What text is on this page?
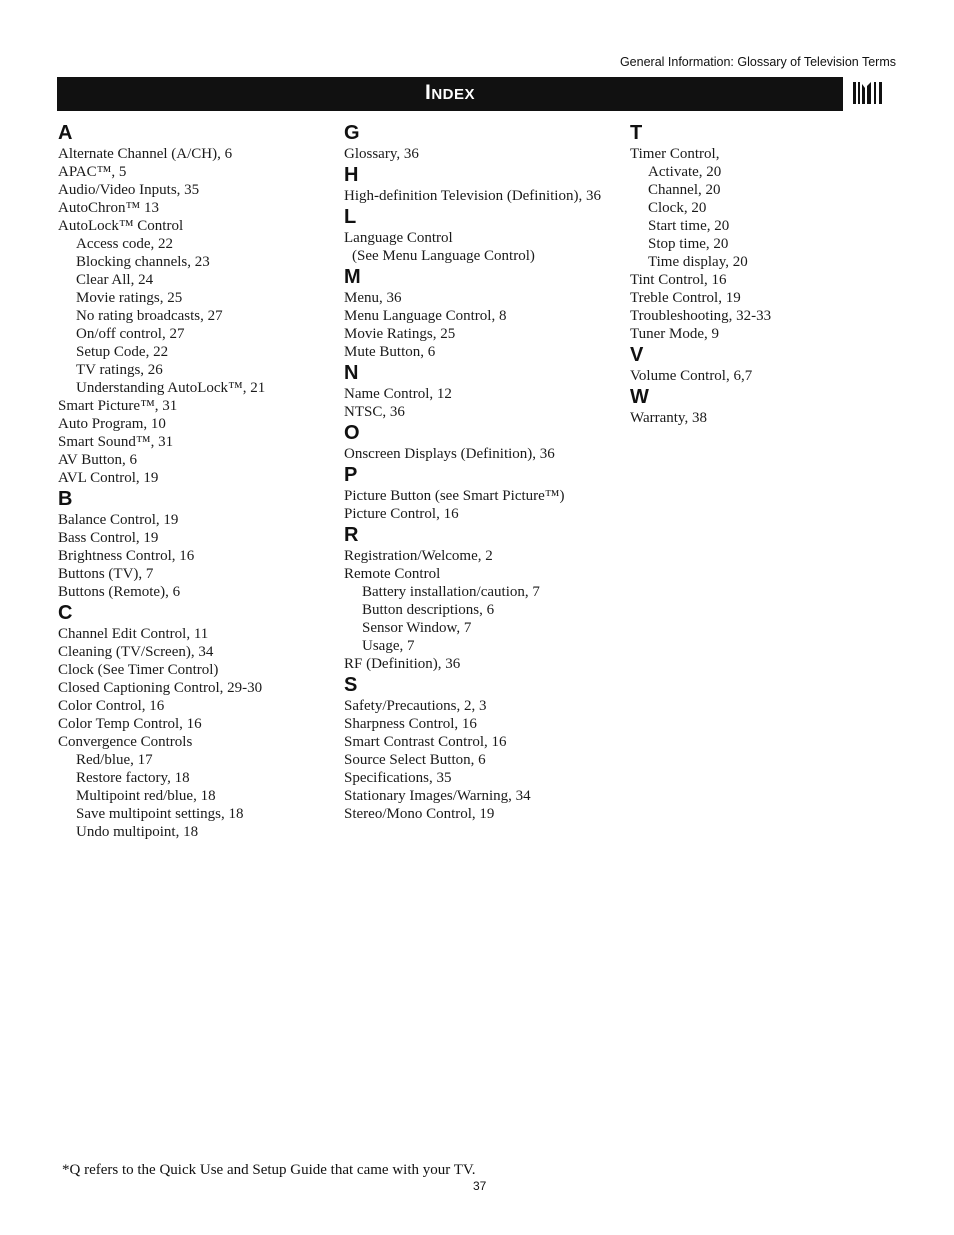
General Information: Glossary of Television Terms
Index
A
Alternate Channel (A/CH), 6
APAC™, 5
Audio/Video Inputs, 35
AutoChron™ 13
AutoLock™ Control
Access code, 22
Blocking channels, 23
Clear All, 24
Movie ratings, 25
No rating broadcasts, 27
On/off control, 27
Setup Code, 22
TV ratings, 26
Understanding AutoLock™, 21
Smart Picture™, 31
Auto Program, 10
Smart Sound™, 31
AV Button, 6
AVL Control, 19
B
Balance Control, 19
Bass Control, 19
Brightness Control, 16
Buttons (TV), 7
Buttons (Remote), 6
C
Channel Edit Control, 11
Cleaning (TV/Screen), 34
Clock (See Timer Control)
Closed Captioning Control, 29-30
Color Control, 16
Color Temp Control, 16
Convergence Controls
Red/blue, 17
Restore factory, 18
Multipoint red/blue, 18
Save multipoint settings, 18
Undo multipoint, 18
G
Glossary, 36
H
High-definition Television (Definition), 36
L
Language Control
(See Menu Language Control)
M
Menu, 36
Menu Language Control, 8
Movie Ratings, 25
Mute Button, 6
N
Name Control, 12
NTSC, 36
O
Onscreen Displays (Definition), 36
P
Picture Button (see Smart Picture™)
Picture Control, 16
R
Registration/Welcome, 2
Remote Control
Battery installation/caution, 7
Button descriptions, 6
Sensor Window, 7
Usage, 7
RF (Definition), 36
S
Safety/Precautions, 2, 3
Sharpness Control, 16
Smart Contrast Control, 16
Source Select Button, 6
Specifications, 35
Stationary Images/Warning, 34
Stereo/Mono Control, 19
T
Timer Control,
Activate, 20
Channel, 20
Clock, 20
Start time, 20
Stop time, 20
Time display, 20
Tint Control, 16
Treble Control, 19
Troubleshooting, 32-33
Tuner Mode, 9
V
Volume Control, 6,7
W
Warranty, 38
*Q refers to the Quick Use and Setup Guide that came with your TV.
37
